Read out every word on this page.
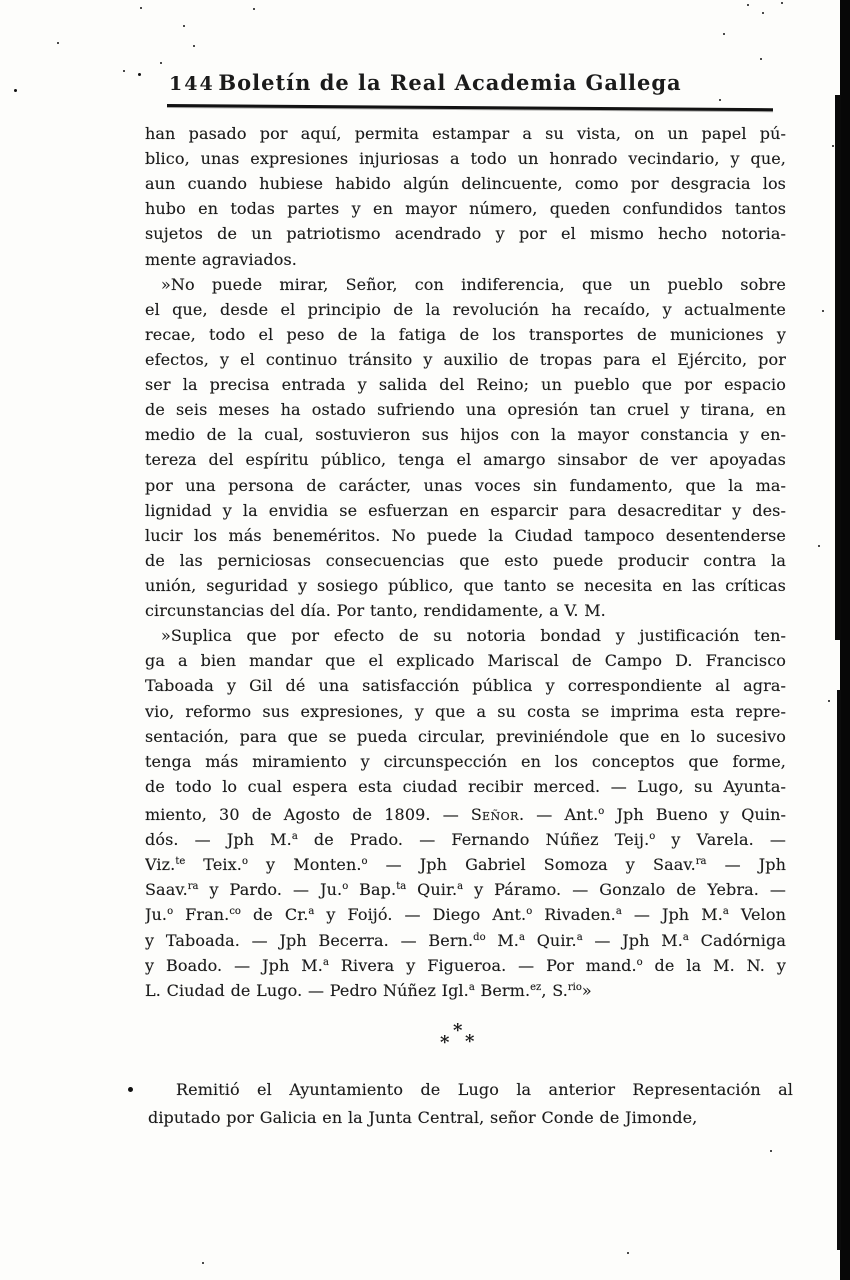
144 Boletín de la Real Academia Gallega
han pasado por aquí, permita estampar a su vista, on un papel pú-
blico, unas expresiones injuriosas a todo un honrado vecindario, y que,
aun cuando hubiese habido algún delincuente, como por desgracia los
hubo en todas partes y en mayor número, queden confundidos tantos
sujetos de un patriotismo acendrado y por el mismo hecho notoria-
mente agraviados.
»No puede mirar, Señor, con indiferencia, que un pueblo sobre
el que, desde el principio de la revolución ha recaído, y actualmente
recae, todo el peso de la fatiga de los transportes de municiones y
efectos, y el continuo tránsito y auxilio de tropas para el Ejército, por
ser la precisa entrada y salida del Reino; un pueblo que por espacio
de seis meses ha ostado sufriendo una opresión tan cruel y tirana, en
medio de la cual, sostuvieron sus hijos con la mayor constancia y en-
tereza del espíritu público, tenga el amargo sinsabor de ver apoyadas
por una persona de carácter, unas voces sin fundamento, que la ma-
lignidad y la envidia se esfuerzan en esparcir para desacreditar y des-
lucir los más beneméritos. No puede la Ciudad tampoco desentenderse
de las perniciosas consecuencias que esto puede producir contra la
unión, seguridad y sosiego público, que tanto se necesita en las críticas
circunstancias del día. Por tanto, rendidamente, a V. M.
»Suplica que por efecto de su notoria bondad y justificación ten-
ga a bien mandar que el explicado Mariscal de Campo D. Francisco
Taboada y Gil dé una satisfacción pública y correspondiente al agra-
vio, reformo sus expresiones, y que a su costa se imprima esta repre-
sentación, para que se pueda circular, previniéndole que en lo sucesivo
tenga más miramiento y circunspección en los conceptos que forme,
de todo lo cual espera esta ciudad recibir merced. — Lugo, su Ayunta-
miento, 30 de Agosto de 1809. — Señor. — Ant.$^o$ Jph Bueno y Quin-
dós. — Jph M.$^a$ de Prado. — Fernando Núñez Teij.$^o$ y Varela. —
Viz.$^{te}$ Teix.$^o$ y Monten.$^o$ — Jph Gabriel Somoza y Saav.$^{ra}$ — Jph
Saav.$^{ra}$ y Pardo. — Ju.$^o$ Bap.$^{ta}$ Quir.$^a$ y Páramo. — Gonzalo de Yebra. —
Ju.$^o$ Fran.$^{co}$ de Cr.$^a$ y Foijó. — Diego Ant.$^o$ Rivaden.$^a$ — Jph M.$^a$ Velon
y Taboada. — Jph Becerra. — Bern.$^{do}$ M.$^a$ Quir.$^a$ — Jph M.$^a$ Cadórniga
y Boado. — Jph M.$^a$ Rivera y Figueroa. — Por mand.$^o$ de la M. N. y
L. Ciudad de Lugo. — Pedro Núñez Igl.$^a$ Berm.$^{ez}$, S.$^{rio}$»
*
* *
Remitió el Ayuntamiento de Lugo la anterior Representación al
diputado por Galicia en la Junta Central, señor Conde de Jimonde,
